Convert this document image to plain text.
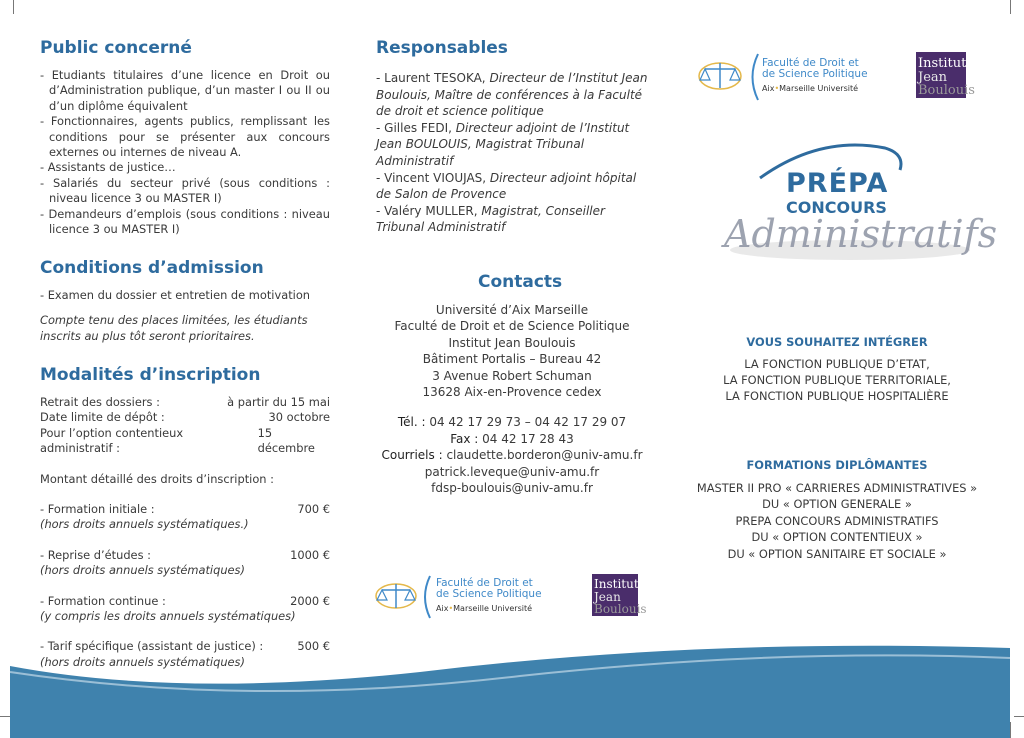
Public concerné
- Etudiants titulaires d’une licence en Droit ou d’Administration publique, d’un master I ou II ou d’un diplôme équivalent
- Fonctionnaires, agents publics, remplissant les conditions pour se présenter aux concours externes ou internes de niveau A.
- Assistants de justice…
- Salariés du secteur privé (sous conditions : niveau licence 3 ou MASTER I)
- Demandeurs d’emplois (sous conditions : niveau licence 3 ou MASTER I)
Conditions d’admission
- Examen du dossier et entretien de motivation
Compte tenu des places limitées, les étudiants inscrits au plus tôt seront prioritaires.
Modalités d’inscription
Retrait des dossiers :	à partir du 15 mai
Date limite de dépôt :	30 octobre
Pour l’option contentieux administratif :
15 décembre
Montant détaillé des droits d’inscription :
- Formation initiale :	700 €
(hors droits annuels systématiques.)
- Reprise d’études :	1000 €
(hors droits annuels systématiques)
- Formation continue :	2000 €
(y compris les droits annuels systématiques)
- Tarif spécifique (assistant de justice) :	500 €
(hors droits annuels systématiques)
Responsables
- Laurent TESOKA, Directeur de l’Institut Jean Boulouis, Maître de conférences à la Faculté de droit et science politique
- Gilles FEDI, Directeur adjoint de l’Institut Jean BOULOUIS, Magistrat Tribunal Administratif
- Vincent VIOUJAS, Directeur adjoint hôpital de Salon de Provence
- Valéry MULLER, Magistrat, Conseiller Tribunal Administratif
Contacts
Université d’Aix Marseille
Faculté de Droit et de Science Politique
Institut Jean Boulouis
Bâtiment Portalis – Bureau 42
3 Avenue Robert Schuman
13628 Aix-en-Provence cedex
Tél. : 04 42 17 29 73 – 04 42 17 29 07
Fax : 04 42 17 28 43
Courriels : claudette.borderon@univ-amu.fr
patrick.leveque@univ-amu.fr
fdsp-boulouis@univ-amu.fr
Faculté de Droit et
de Science Politique
Aix•Marseille Université
Institut
Jean
Boulouis
Faculté de Droit et
de Science Politique
Aix•Marseille Université
Institut
Jean
Boulouis
PRÉPA
CONCOURS
Administratifs
VOUS SOUHAITEZ INTÉGRER
LA FONCTION PUBLIQUE D’ETAT,
LA FONCTION PUBLIQUE TERRITORIALE,
LA FONCTION PUBLIQUE HOSPITALIÈRE
FORMATIONS DIPLÔMANTES
MASTER II PRO « CARRIERES ADMINISTRATIVES »
DU « OPTION GENERALE »
PREPA CONCOURS ADMINISTRATIFS
DU « OPTION CONTENTIEUX »
DU « OPTION SANITAIRE ET SOCIALE »
